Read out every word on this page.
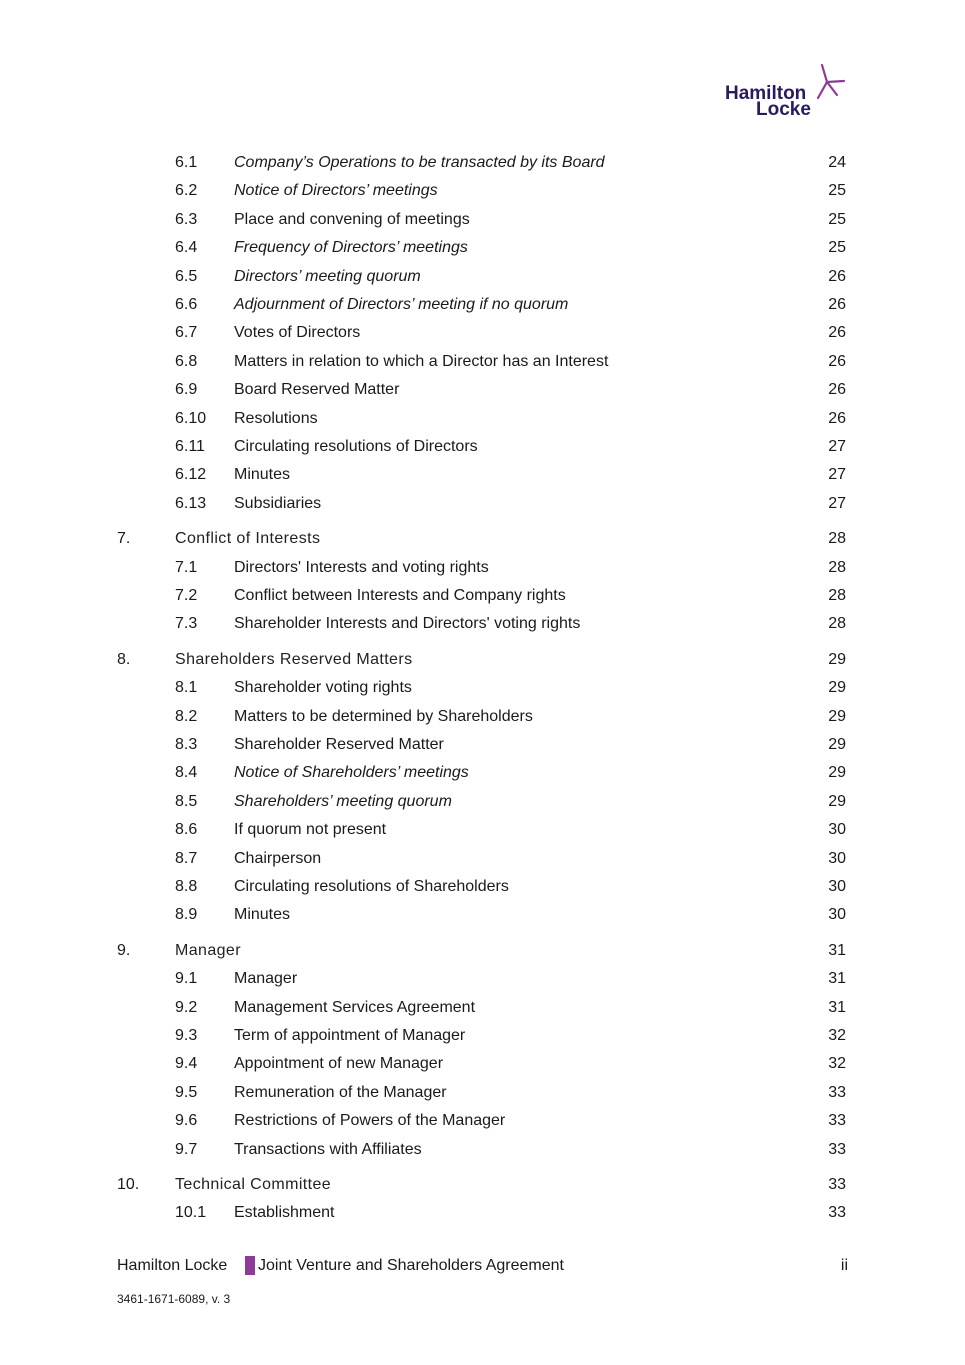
Hamilton
Locke
6.1 Company’s Operations to be transacted by its Board	24
6.2 Notice of Directors’ meetings	25
6.3 Place and convening of meetings	25
6.4 Frequency of Directors’ meetings	25
6.5 Directors’ meeting quorum	26
6.6 Adjournment of Directors’ meeting if no quorum	26
6.7 Votes of Directors	26
6.8 Matters in relation to which a Director has an Interest	26
6.9 Board Reserved Matter	26
6.10 Resolutions	26
6.11 Circulating resolutions of Directors	27
6.12 Minutes	27
6.13 Subsidiaries	27
7.	Conflict of Interests	28
7.1 Directors' Interests and voting rights	28
7.2 Conflict between Interests and Company rights	28
7.3 Shareholder Interests and Directors' voting rights	28
8.	Shareholders Reserved Matters	29
8.1 Shareholder voting rights	29
8.2 Matters to be determined by Shareholders	29
8.3 Shareholder Reserved Matter	29
8.4 Notice of Shareholders’ meetings	29
8.5 Shareholders’ meeting quorum	29
8.6 If quorum not present	30
8.7 Chairperson	30
8.8 Circulating resolutions of Shareholders	30
8.9 Minutes	30
9.	Manager	31
9.1 Manager	31
9.2 Management Services Agreement	31
9.3 Term of appointment of Manager	32
9.4 Appointment of new Manager	32
9.5 Remuneration of the Manager	33
9.6 Restrictions of Powers of the Manager	33
9.7 Transactions with Affiliates	33
10. Technical Committee	33
10.1 Establishment	33
Hamilton Locke Joint Venture and Shareholders Agreement	ii
3461-1671-6089, v. 3
